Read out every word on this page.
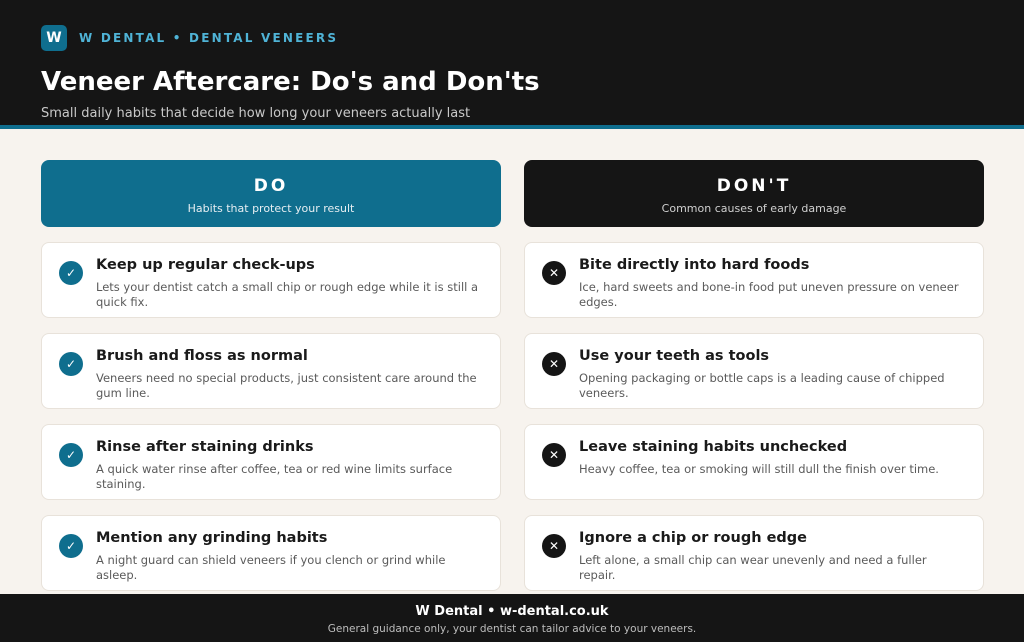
W	W DENTAL • DENTAL VENEERS
Veneer Aftercare: Do's and Don'ts

Small daily habits that decide how long your veneers actually last

DO
Habits that protect your result
✓	Keep up regular check-ups
Lets your dentist catch a small chip or rough edge while it is still a quick fix.
✓	Brush and floss as normal
Veneers need no special products, just consistent care around the gum line.
✓	Rinse after staining drinks
A quick water rinse after coffee, tea or red wine limits surface staining.
✓	Mention any grinding habits
A night guard can shield veneers if you clench or grind while asleep.
DON'T
Common causes of early damage
✕	Bite directly into hard foods
Ice, hard sweets and bone-in food put uneven pressure on veneer edges.
✕	Use your teeth as tools
Opening packaging or bottle caps is a leading cause of chipped veneers.
✕	Leave staining habits unchecked
Heavy coffee, tea or smoking will still dull the finish over time.
✕	Ignore a chip or rough edge
Left alone, a small chip can wear unevenly and need a fuller repair.
W Dental • w-dental.co.uk
General guidance only, your dentist can tailor advice to your veneers.
